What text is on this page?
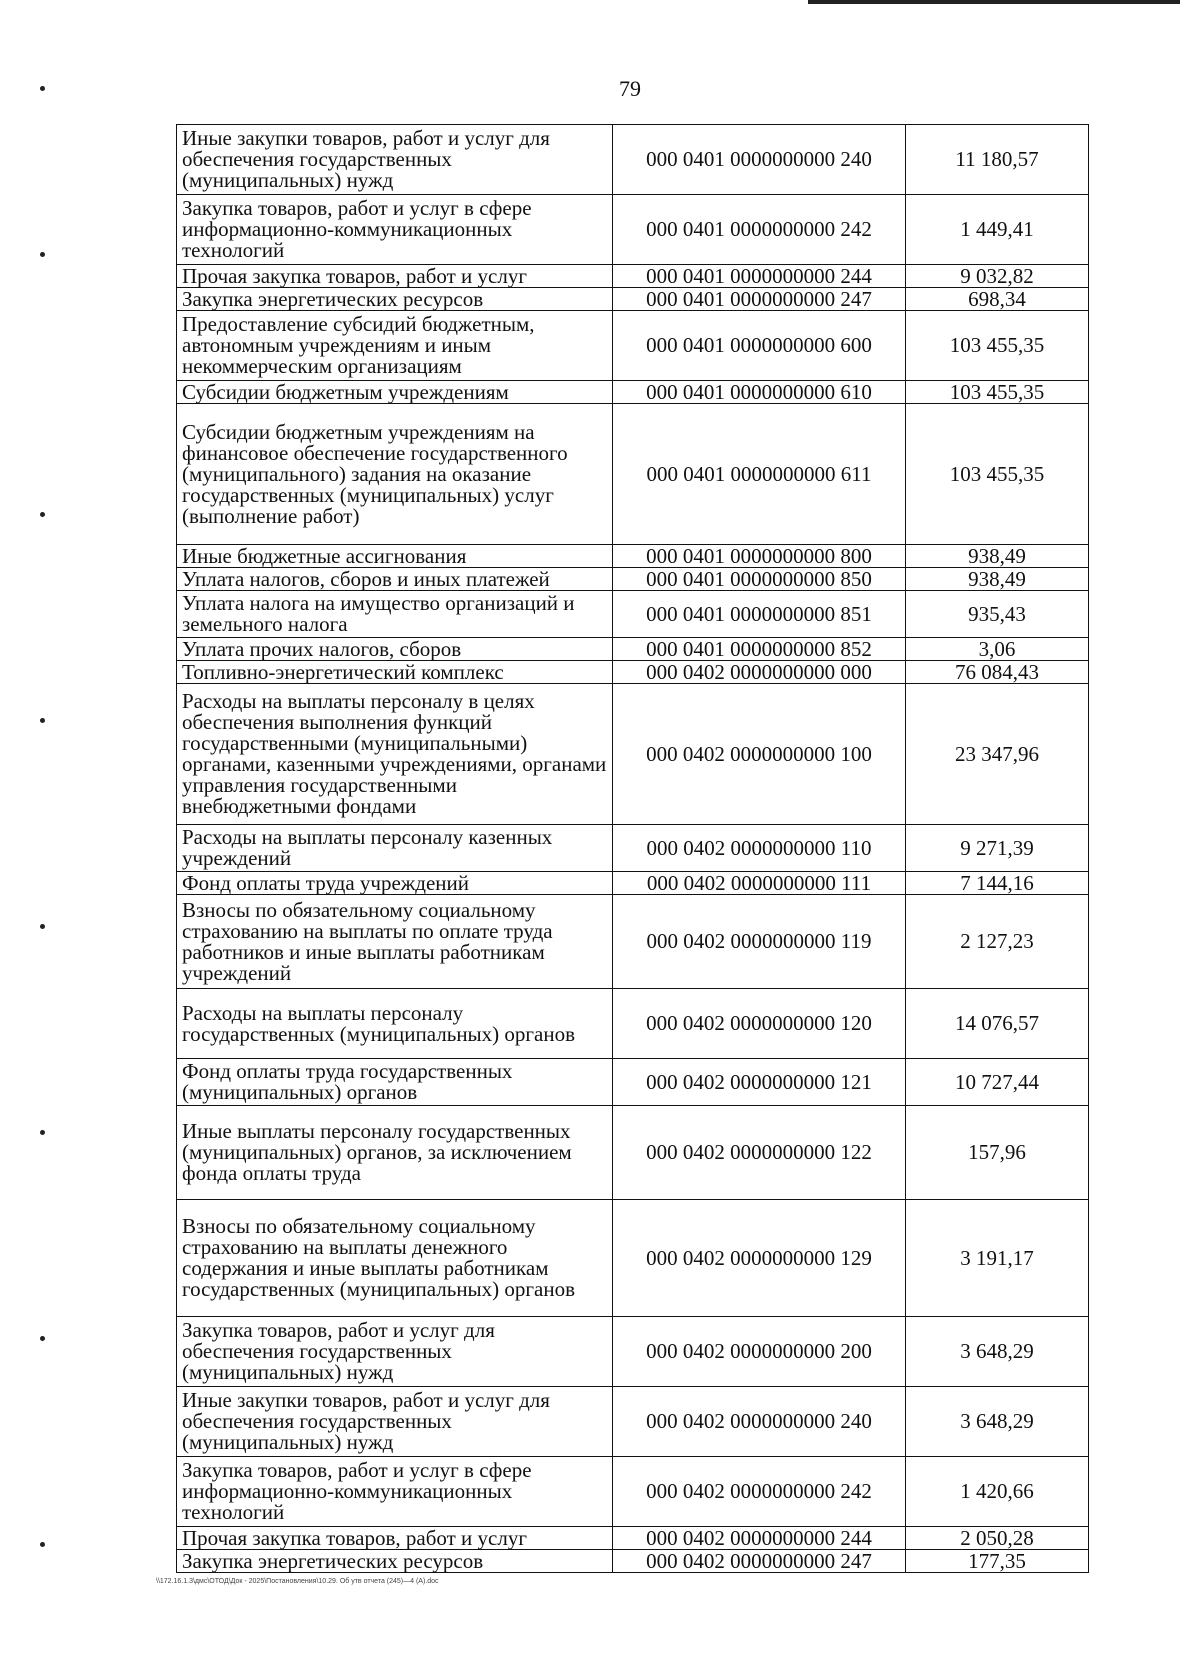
79
Иные закупки товаров, работ и услуг для обеспечения государственных (муниципальных) нужд	000 0401 0000000000 240	11 180,57
Закупка товаров, работ и услуг в сфере информационно-коммуникационных технологий	000 0401 0000000000 242	1 449,41
Прочая закупка товаров, работ и услуг	000 0401 0000000000 244	9 032,82
Закупка энергетических ресурсов	000 0401 0000000000 247	698,34
Предоставление субсидий бюджетным, автономным учреждениям и иным некоммерческим организациям	000 0401 0000000000 600	103 455,35
Субсидии бюджетным учреждениям	000 0401 0000000000 610	103 455,35
Субсидии бюджетным учреждениям на финансовое обеспечение государственного (муниципального) задания на оказание государственных (муниципальных) услуг (выполнение работ)	000 0401 0000000000 611	103 455,35
Иные бюджетные ассигнования	000 0401 0000000000 800	938,49
Уплата налогов, сборов и иных платежей	000 0401 0000000000 850	938,49
Уплата налога на имущество организаций и земельного налога	000 0401 0000000000 851	935,43
Уплата прочих налогов, сборов	000 0401 0000000000 852	3,06
Топливно-энергетический комплекс	000 0402 0000000000 000	76 084,43
Расходы на выплаты персоналу в целях обеспечения выполнения функций государственными (муниципальными) органами, казенными учреждениями, органами управления государственными внебюджетными фондами	000 0402 0000000000 100	23 347,96
Расходы на выплаты персоналу казенных учреждений	000 0402 0000000000 110	9 271,39
Фонд оплаты труда учреждений	000 0402 0000000000 111	7 144,16
Взносы по обязательному социальному страхованию на выплаты по оплате труда работников и иные выплаты работникам учреждений	000 0402 0000000000 119	2 127,23
Расходы на выплаты персоналу государственных (муниципальных) органов	000 0402 0000000000 120	14 076,57
Фонд оплаты труда государственных (муниципальных) органов	000 0402 0000000000 121	10 727,44
Иные выплаты персоналу государственных (муниципальных) органов, за исключением фонда оплаты труда	000 0402 0000000000 122	157,96
Взносы по обязательному социальному страхованию на выплаты денежного содержания и иные выплаты работникам государственных (муниципальных) органов	000 0402 0000000000 129	3 191,17
Закупка товаров, работ и услуг для обеспечения государственных (муниципальных) нужд	000 0402 0000000000 200	3 648,29
Иные закупки товаров, работ и услуг для обеспечения государственных (муниципальных) нужд	000 0402 0000000000 240	3 648,29
Закупка товаров, работ и услуг в сфере информационно-коммуникационных технологий	000 0402 0000000000 242	1 420,66
Прочая закупка товаров, работ и услуг	000 0402 0000000000 244	2 050,28
Закупка энергетических ресурсов	000 0402 0000000000 247	177,35
\\172.16.1.3\дмс\ОТОД\Док - 2025\Постановления\10.29. Об утв отчета (245)—4 (A).doc
